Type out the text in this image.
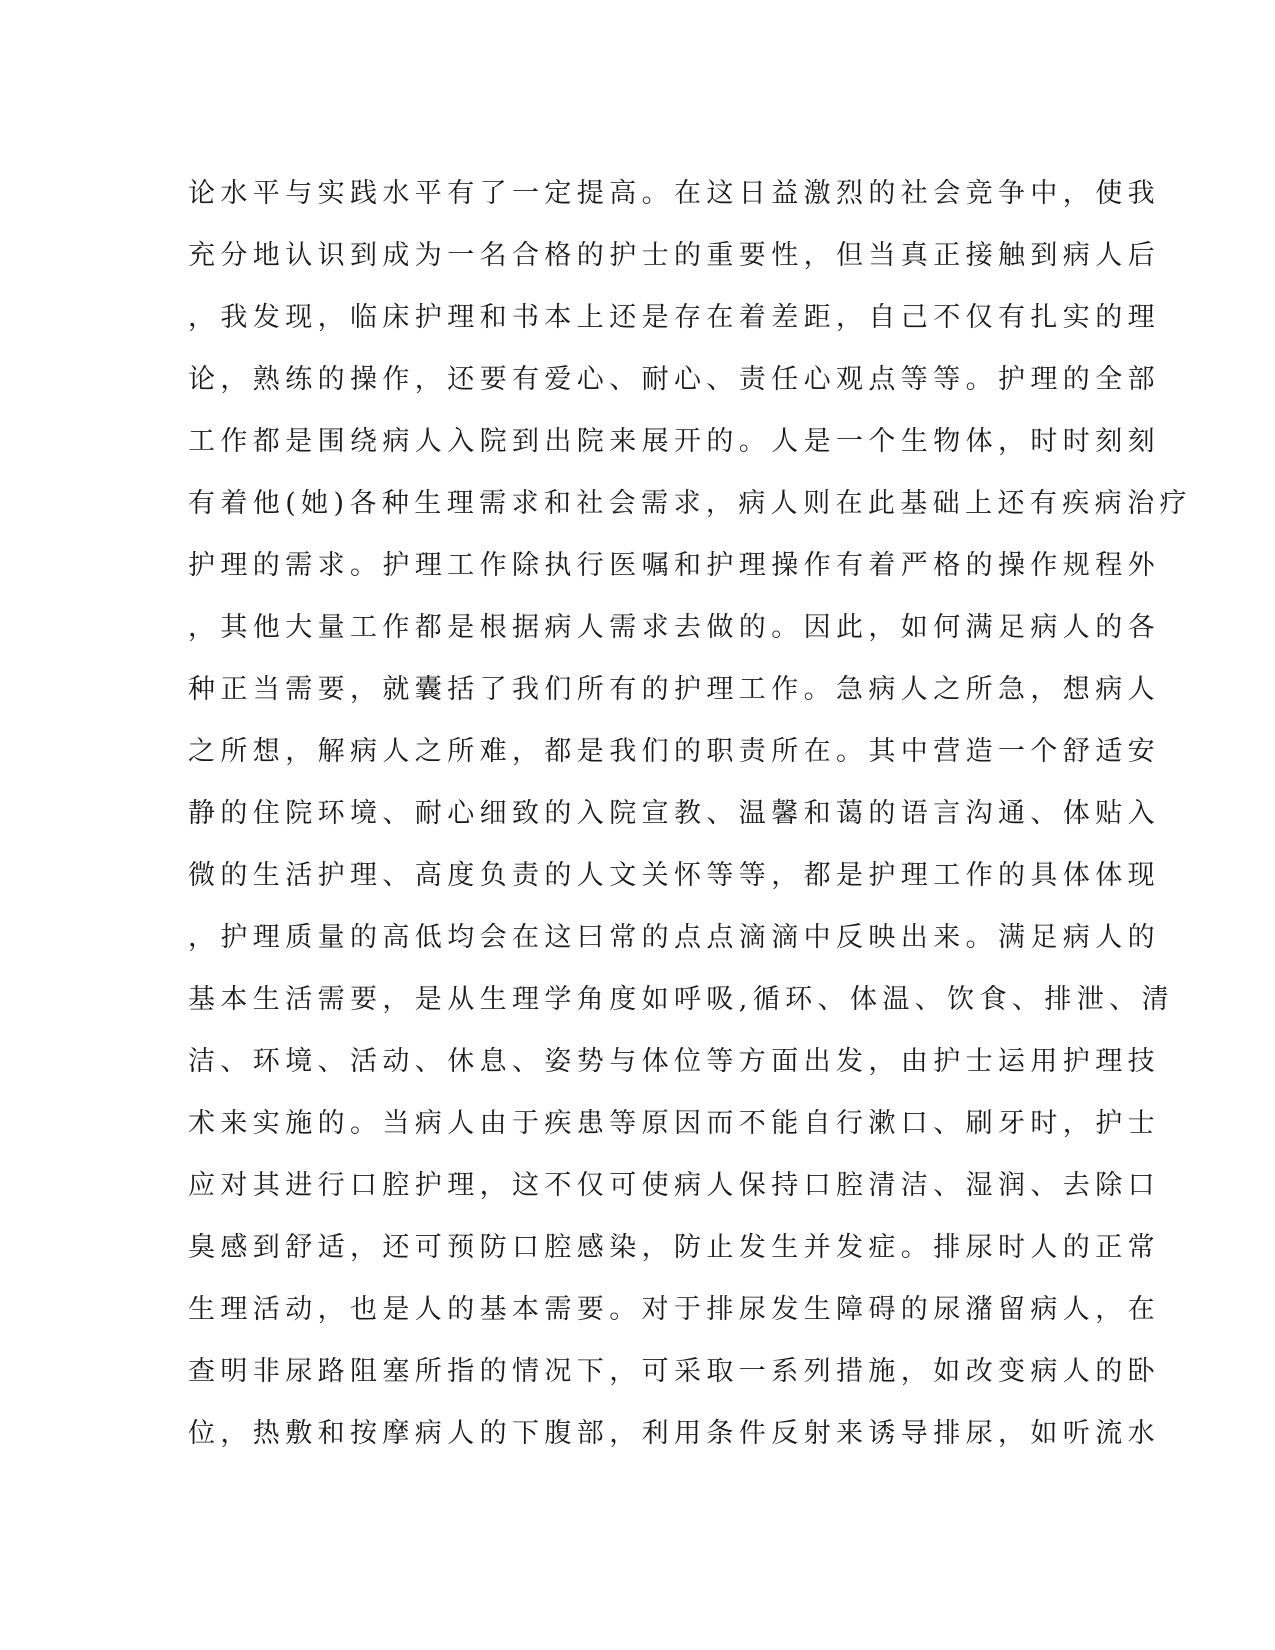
论水平与实践水平有了一定提高。在这日益激烈的社会竞争中，使我
充分地认识到成为一名合格的护士的重要性，但当真正接触到病人后
，我发现，临床护理和书本上还是存在着差距，自己不仅有扎实的理
论，熟练的操作，还要有爱心、耐心、责任心观点等等。护理的全部
工作都是围绕病人入院到出院来展开的。人是一个生物体，时时刻刻
有着他(她)各种生理需求和社会需求，病人则在此基础上还有疾病治疗
护理的需求。护理工作除执行医嘱和护理操作有着严格的操作规程外
，其他大量工作都是根据病人需求去做的。因此，如何满足病人的各
种正当需要，就囊括了我们所有的护理工作。急病人之所急，想病人
之所想，解病人之所难，都是我们的职责所在。其中营造一个舒适安
静的住院环境、耐心细致的入院宣教、温馨和蔼的语言沟通、体贴入
微的生活护理、高度负责的人文关怀等等，都是护理工作的具体体现
，护理质量的高低均会在这曰常的点点滴滴中反映出来。满足病人的
基本生活需要，是从生理学角度如呼吸,循环、体温、饮食、排泄、清
洁、环境、活动、休息、姿势与体位等方面出发，由护士运用护理技
术来实施的。当病人由于疾患等原因而不能自行漱口、刷牙时，护士
应对其进行口腔护理，这不仅可使病人保持口腔清洁、湿润、去除口
臭感到舒适，还可预防口腔感染，防止发生并发症。排尿时人的正常
生理活动，也是人的基本需要。对于排尿发生障碍的尿潴留病人，在
查明非尿路阻塞所指的情况下，可采取一系列措施，如改变病人的卧
位，热敷和按摩病人的下腹部，利用条件反射来诱导排尿，如听流水
